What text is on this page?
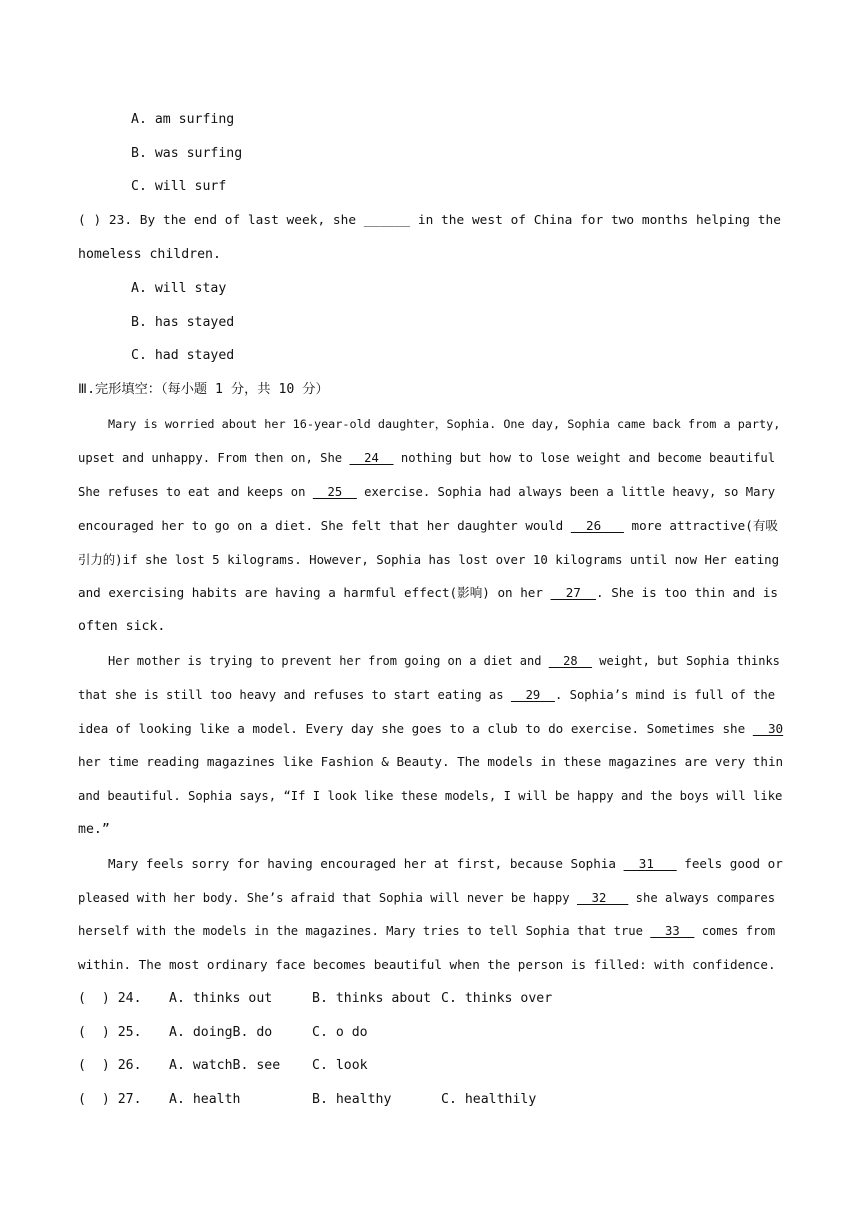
A. am surfing
B. was surfing
C. will surf
( ) 23. By the end of last week, she ______ in the west of China for two months helping the
homeless children.
A. will stay
B. has stayed
C. had stayed
Ⅲ.完形填空：（每小题 1 分，共 10 分）
Mary is worried about her 16-year-old daughter，Sophia. One day, Sophia came back from a party,
upset and unhappy. From then on, She   24   nothing but how to lose weight and become beautiful
She refuses to eat and keeps on   25   exercise. Sophia had always been a little heavy, so Mary
encouraged her to go on a diet. She felt that her daughter would   26    more attractive(有吸
引力的)if she lost 5 kilograms. However, Sophia has lost over 10 kilograms until now Her eating
and exercising habits are having a harmful effect(影响) on her   27  . She is too thin and is
often sick.
Her mother is trying to prevent her from going on a diet and   28   weight, but Sophia thinks
that she is still too heavy and refuses to start eating as   29  . Sophia’s mind is full of the
idea of looking like a model. Every day she goes to a club to do exercise. Sometimes she   30
her time reading magazines like Fashion & Beauty. The models in these magazines are very thin
and beautiful. Sophia says, “If I look like these models, I will be happy and the boys will like
me.”
Mary feels sorry for having encouraged her at first, because Sophia   31    feels good or
pleased with her body. She’s afraid that Sophia will never be happy   32    she always compares
herself with the models in the magazines. Mary tries to tell Sophia that true   33   comes from
within. The most ordinary face becomes beautiful when the person is filled: with confidence.
(  ) 24. A. thinks out	B. thinks about C. thinks over
(  ) 25. A. doingB. do	C. o do
(  ) 26. A. watchB. see C. look
(  ) 27. A. health	B. healthy	C. healthily
